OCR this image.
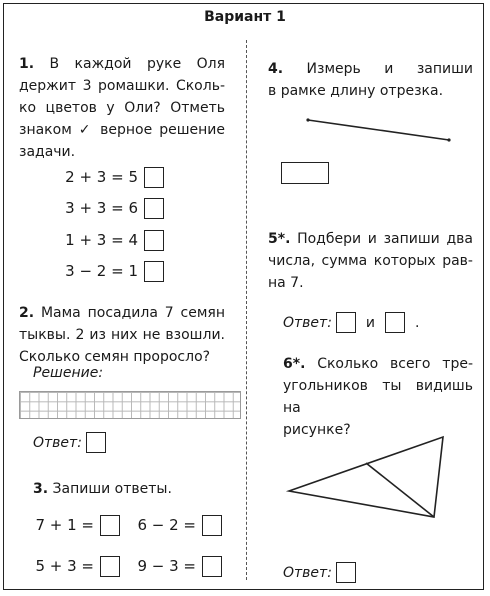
Вариант 1
1. В каждой руке Оля
держит 3 ромашки. Сколь-
ко цветов у Оли? Отметь
знаком ✓ верное решение
задачи.
2 + 3 = 5
3 + 3 = 6
1 + 3 = 4
3 − 2 = 1
2. Мама посадила 7 семян
тыквы. 2 из них не взошли.
Сколько семян проросло?
Решение:
Ответ:
3. Запиши ответы.
7 + 1 =	6 − 2 =
5 + 3 =	9 − 3 =
4. Измерь и запиши
в рамке длину отрезка.
5*. Подбери и запиши два
числа, сумма которых рав-
на 7.
Ответ:	и	.
6*. Сколько всего тре-
угольников ты видишь на
рисунке?
Ответ:
